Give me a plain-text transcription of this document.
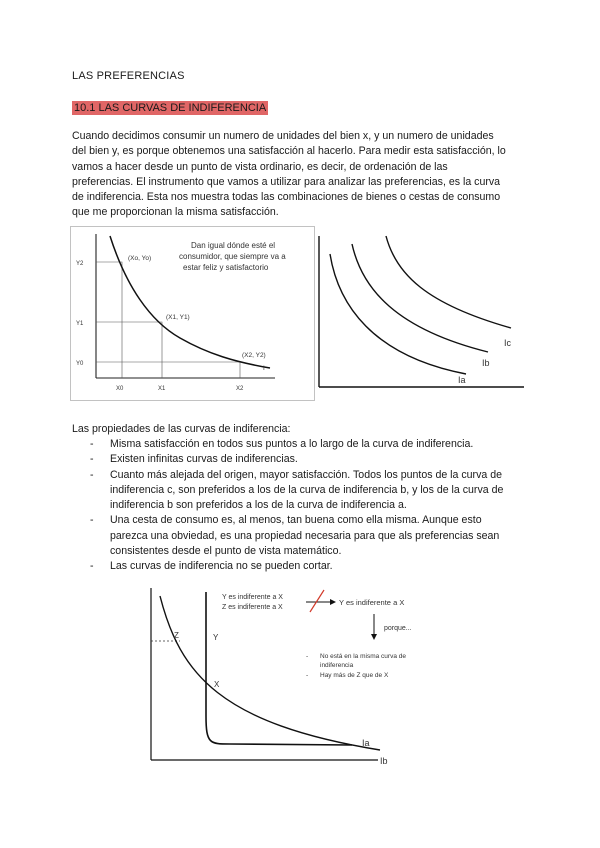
LAS PREFERENCIAS
10.1 LAS CURVAS DE INDIFERENCIA
Cuando decidimos consumir un numero de unidades del bien x, y un numero de unidades
del bien y, es porque obtenemos una satisfacción al hacerlo. Para medir esta satisfacción, lo
vamos a hacer desde un punto de vista ordinario, es decir, de ordenación de las
preferencias. El instrumento que vamos a utilizar para analizar las preferencias, es la curva
de indiferencia. Esta nos muestra todas las combinaciones de bienes o cestas de consumo
que me proporcionan la misma satisfacción.
Y2
Y1
Y0
X0	X1	X2
(Xo, Yo)
(X1, Y1)
(X2, Y2)
I
Dan igual dónde esté el
consumidor, que siempre va a
estar feliz y satisfactorio
Ic
Ib
Ia
Las propiedades de las curvas de indiferencia:
- Misma satisfacción en todos sus puntos a lo largo de la curva de indiferencia.
- Existen infinitas curvas de indiferencias.
- Cuanto más alejada del origen, mayor satisfacción. Todos los puntos de la curva de
indiferencia c, son preferidos a los de la curva de indiferencia b, y los de la curva de
indiferencia b son preferidos a los de la curva de indiferencia a.
- Una cesta de consumo es, al menos, tan buena como ella misma. Aunque esto
parezca una obviedad, es una propiedad necesaria para que als preferencias sean
consistentes desde el punto de vista matemático.
- Las curvas de indiferencia no se pueden cortar.
Z	Y
X
Ia
Ib
Y es indiferente a X
Z es indiferente a X
Y es indiferente a X
porque...
- No está en la misma curva de
indiferencia
- Hay más de Z que de X
